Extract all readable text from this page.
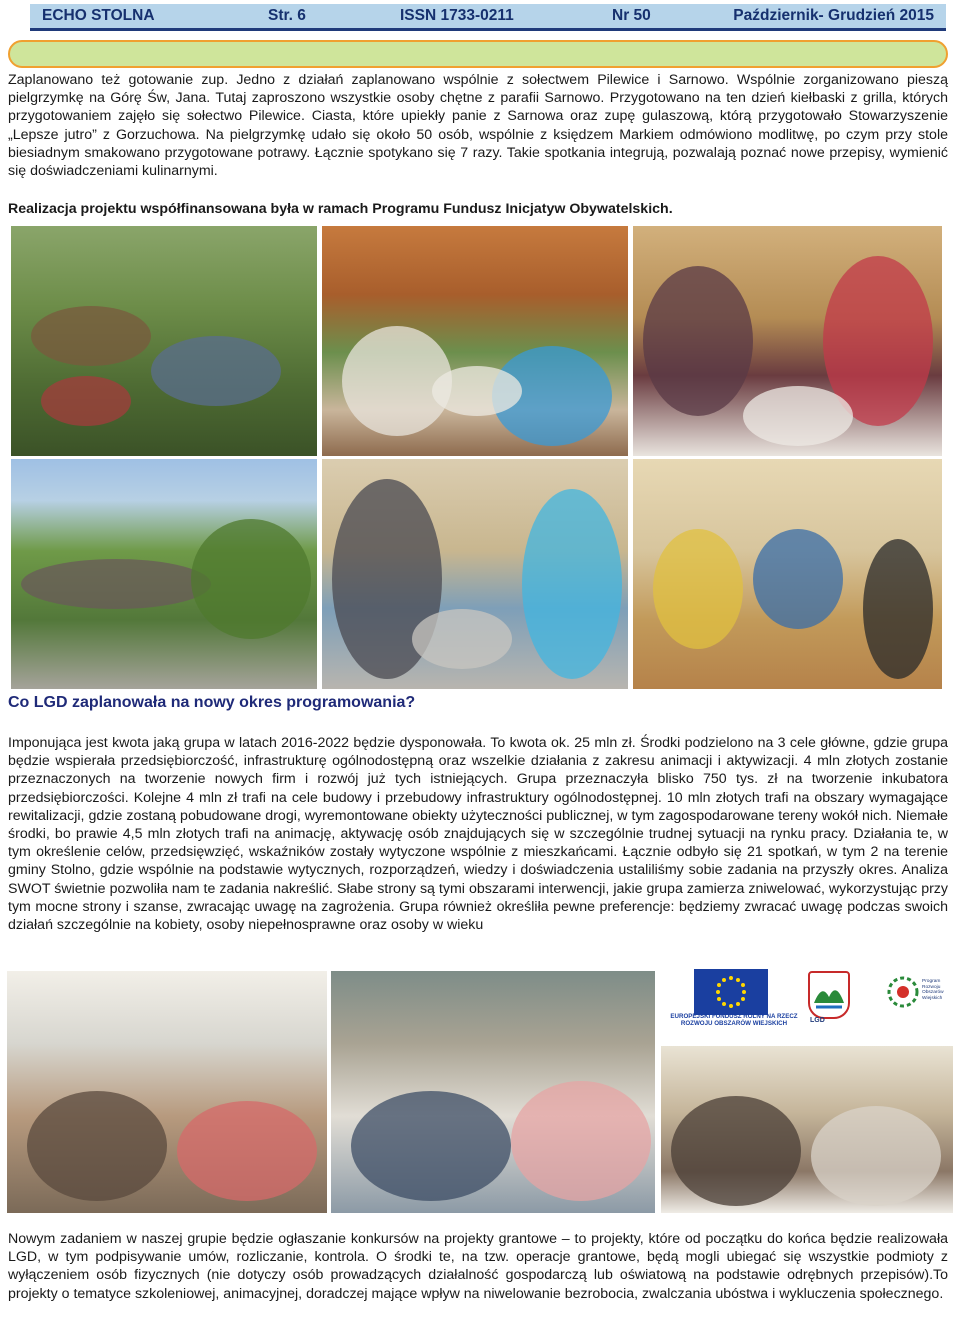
ECHO STOLNA	Str. 6	ISSN 1733-0211	Nr 50	Październik- Grudzień 2015

Zaplanowano też gotowanie zup. Jedno z działań zaplanowano wspólnie z sołectwem Pilewice i Sarnowo. Wspólnie zorganizowano pieszą pielgrzymkę na Górę Św, Jana. Tutaj zaproszono wszystkie osoby chętne z parafii Sarnowo. Przygotowano na ten dzień kiełbaski z grilla, których przygotowaniem zajęło się sołectwo Pilewice. Ciasta, które upiekły panie z Sarnowa oraz zupę gulaszową, którą przygotowało Stowarzyszenie „Lepsze jutro” z Gorzuchowa. Na pielgrzymkę udało się około 50 osób, wspólnie z księdzem Markiem odmówiono modlitwę, po czym przy stole biesiadnym smakowano przygotowane potrawy. Łącznie spotykano się 7 razy. Takie spotkania integrują, pozwalają poznać nowe przepisy, wymienić się doświadczeniami kulinarnymi.

Realizacja projektu współfinansowana była w ramach Programu Fundusz Inicjatyw Obywatelskich.

Co LGD zaplanowała na nowy okres programowania?

Imponująca jest kwota jaką grupa w latach 2016-2022 będzie dysponowała. To kwota ok. 25 mln zł. Środki podzielono na 3 cele główne, gdzie grupa będzie wspierała przedsiębiorczość, infrastrukturę ogólnodostępną oraz wszelkie działania z zakresu animacji i aktywizacji. 4 mln złotych zostanie przeznaczonych na tworzenie nowych firm i rozwój już tych istniejących. Grupa przeznaczyła blisko 750 tys. zł na tworzenie inkubatora przedsiębiorczości. Kolejne 4 mln zł trafi na cele budowy i przebudowy infrastruktury ogólnodostępnej. 10 mln złotych trafi na obszary wymagające rewitalizacji, gdzie zostaną pobudowane drogi, wyremontowane obiekty użyteczności publicznej, w tym zagospodarowane tereny wokół nich. Niemałe środki, bo prawie 4,5 mln złotych trafi na animację, aktywację osób znajdujących się w szczególnie trudnej sytuacji na rynku pracy. Działania te, w tym określenie celów, przedsięwzięć, wskaźników zostały wytyczone wspólnie z mieszkańcami. Łącznie odbyło się 21 spotkań, w tym 2 na terenie gminy Stolno, gdzie wspólnie na podstawie wytycznych, rozporządzeń, wiedzy i doświadczenia ustaliliśmy sobie zadania na przyszły okres. Analiza SWOT świetnie pozwoliła nam te zadania nakreślić. Słabe strony są tymi obszarami interwencji, jakie grupa zamierza zniwelować, wykorzystując przy tym mocne strony i szanse, zwracając uwagę na zagrożenia. Grupa również określiła pewne preferencje: będziemy zwracać uwagę podczas swoich działań szczególnie na kobiety, osoby niepełnosprawne oraz osoby w wieku

EUROPEJSKI FUNDUSZ ROLNY NA RZECZ ROZWOJU OBSZARÓW WIEJSKICH	LGD
Program Rozwoju Obszarów Wiejskich

Nowym zadaniem w naszej grupie będzie ogłaszanie konkursów na projekty grantowe – to projekty, które od początku do końca będzie realizowała LGD, w tym podpisywanie umów, rozliczanie, kontrola. O środki te, na tzw. operacje grantowe, będą mogli ubiegać się wszystkie podmioty z wyłączeniem osób fizycznych (nie dotyczy osób prowadzących działalność gospodarczą lub oświatową na podstawie odrębnych przepisów).To projekty o tematyce szkoleniowej, animacyjnej, doradczej mające wpływ na niwelowanie bezrobocia, zwalczania ubóstwa i wykluczenia społecznego.
